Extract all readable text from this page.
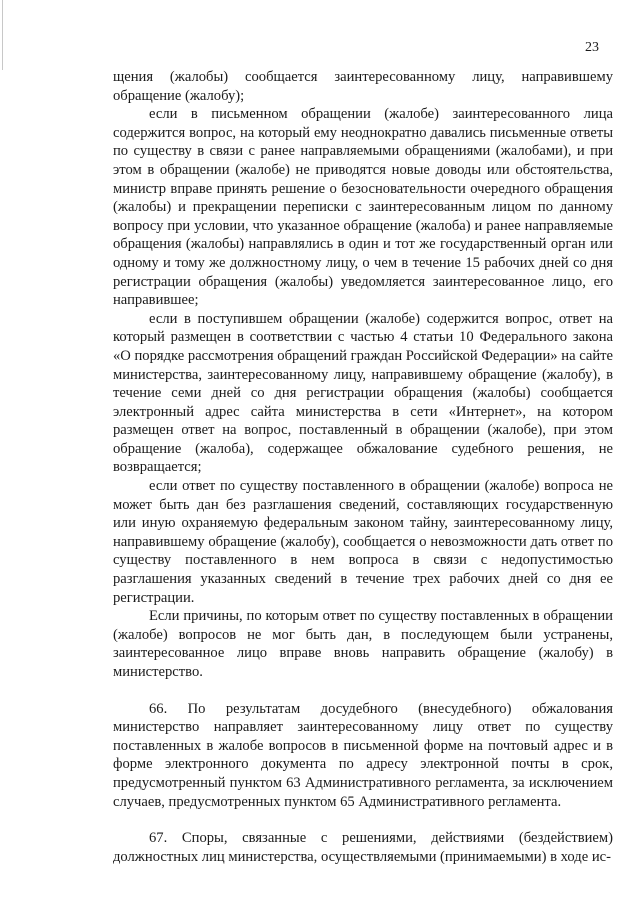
23

щения (жалобы) сообщается заинтересованному лицу, направившему обращение (жалобу);

если в письменном обращении (жалобе) заинтересованного лица содержится вопрос, на который ему неоднократно давались письменные ответы по существу в связи с ранее направляемыми обращениями (жалобами), и при этом в обращении (жалобе) не приводятся новые доводы или обстоятельства, министр вправе принять решение о безосновательности очередного обращения (жалобы) и прекращении переписки с заинтересованным лицом по данному вопросу при условии, что указанное обращение (жалоба) и ранее направляемые обращения (жалобы) направлялись в один и тот же государственный орган или одному и тому же должностному лицу, о чем в течение 15 рабочих дней со дня регистрации обращения (жалобы) уведомляется заинтересованное лицо, его направившее;

если в поступившем обращении (жалобе) содержится вопрос, ответ на который размещен в соответствии с частью 4 статьи 10 Федерального закона «О порядке рассмотрения обращений граждан Российской Федерации» на сайте министерства, заинтересованному лицу, направившему обращение (жалобу), в течение семи дней со дня регистрации обращения (жалобы) сообщается электронный адрес сайта министерства в сети «Интернет», на котором размещен ответ на вопрос, поставленный в обращении (жалобе), при этом обращение (жалоба), содержащее обжалование судебного решения, не возвращается;

если ответ по существу поставленного в обращении (жалобе) вопроса не может быть дан без разглашения сведений, составляющих государственную или иную охраняемую федеральным законом тайну, заинтересованному лицу, направившему обращение (жалобу), сообщается о невозможности дать ответ по существу поставленного в нем вопроса в связи с недопустимостью разглашения указанных сведений в течение трех рабочих дней со дня ее регистрации.

Если причины, по которым ответ по существу поставленных в обращении (жалобе) вопросов не мог быть дан, в последующем были устранены, заинтересованное лицо вправе вновь направить обращение (жалобу) в министерство.

66. По результатам досудебного (внесудебного) обжалования министерство направляет заинтересованному лицу ответ по существу поставленных в жалобе вопросов в письменной форме на почтовый адрес и в форме электронного документа по адресу электронной почты в срок, предусмотренный пунктом 63 Административного регламента, за исключением случаев, предусмотренных пунктом 65 Административного регламента.

67. Споры, связанные с решениями, действиями (бездействием) должностных лиц министерства, осуществляемыми (принимаемыми) в ходе ис-
